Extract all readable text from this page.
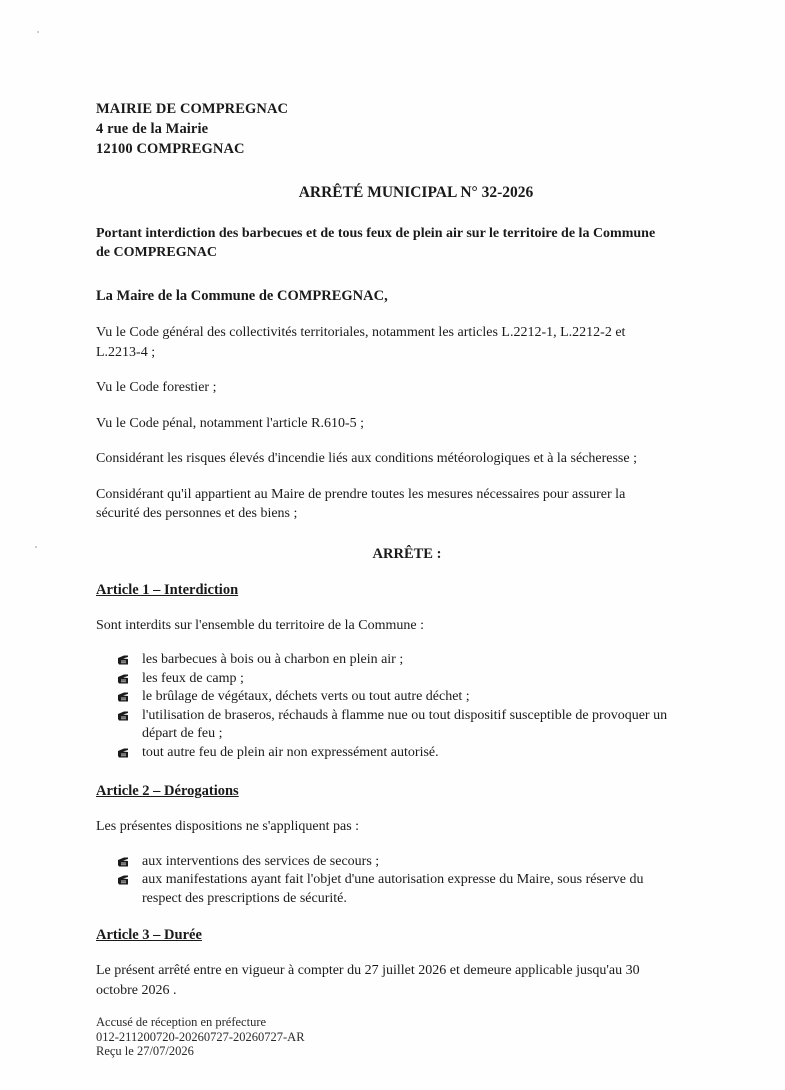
MAIRIE DE COMPREGNAC
4 rue de la Mairie
12100 COMPREGNAC
ARRÊTÉ MUNICIPAL N° 32-2026
Portant interdiction des barbecues et de tous feux de plein air sur le territoire de la Commune de COMPREGNAC
La Maire de la Commune de COMPREGNAC,

Vu le Code général des collectivités territoriales, notamment les articles L.2212-1, L.2212-2 et L.2213-4 ;

Vu le Code forestier ;

Vu le Code pénal, notamment l'article R.610-5 ;

Considérant les risques élevés d'incendie liés aux conditions météorologiques et à la sécheresse ;

Considérant qu'il appartient au Maire de prendre toutes les mesures nécessaires pour assurer la sécurité des personnes et des biens ;

ARRÊTE :
Article 1 – Interdiction

Sont interdits sur l'ensemble du territoire de la Commune :

les barbecues à bois ou à charbon en plein air ;
les feux de camp ;
le brûlage de végétaux, déchets verts ou tout autre déchet ;
l'utilisation de braseros, réchauds à flamme nue ou tout dispositif susceptible de provoquer un départ de feu ;
tout autre feu de plein air non expressément autorisé.
Article 2 – Dérogations

Les présentes dispositions ne s'appliquent pas :

aux interventions des services de secours ;
aux manifestations ayant fait l'objet d'une autorisation expresse du Maire, sous réserve du respect des prescriptions de sécurité.
Article 3 – Durée

Le présent arrêté entre en vigueur à compter du 27 juillet 2026 et demeure applicable jusqu'au 30 octobre 2026 .

Accusé de réception en préfecture
012-211200720-20260727-20260727-AR
Reçu le 27/07/2026
